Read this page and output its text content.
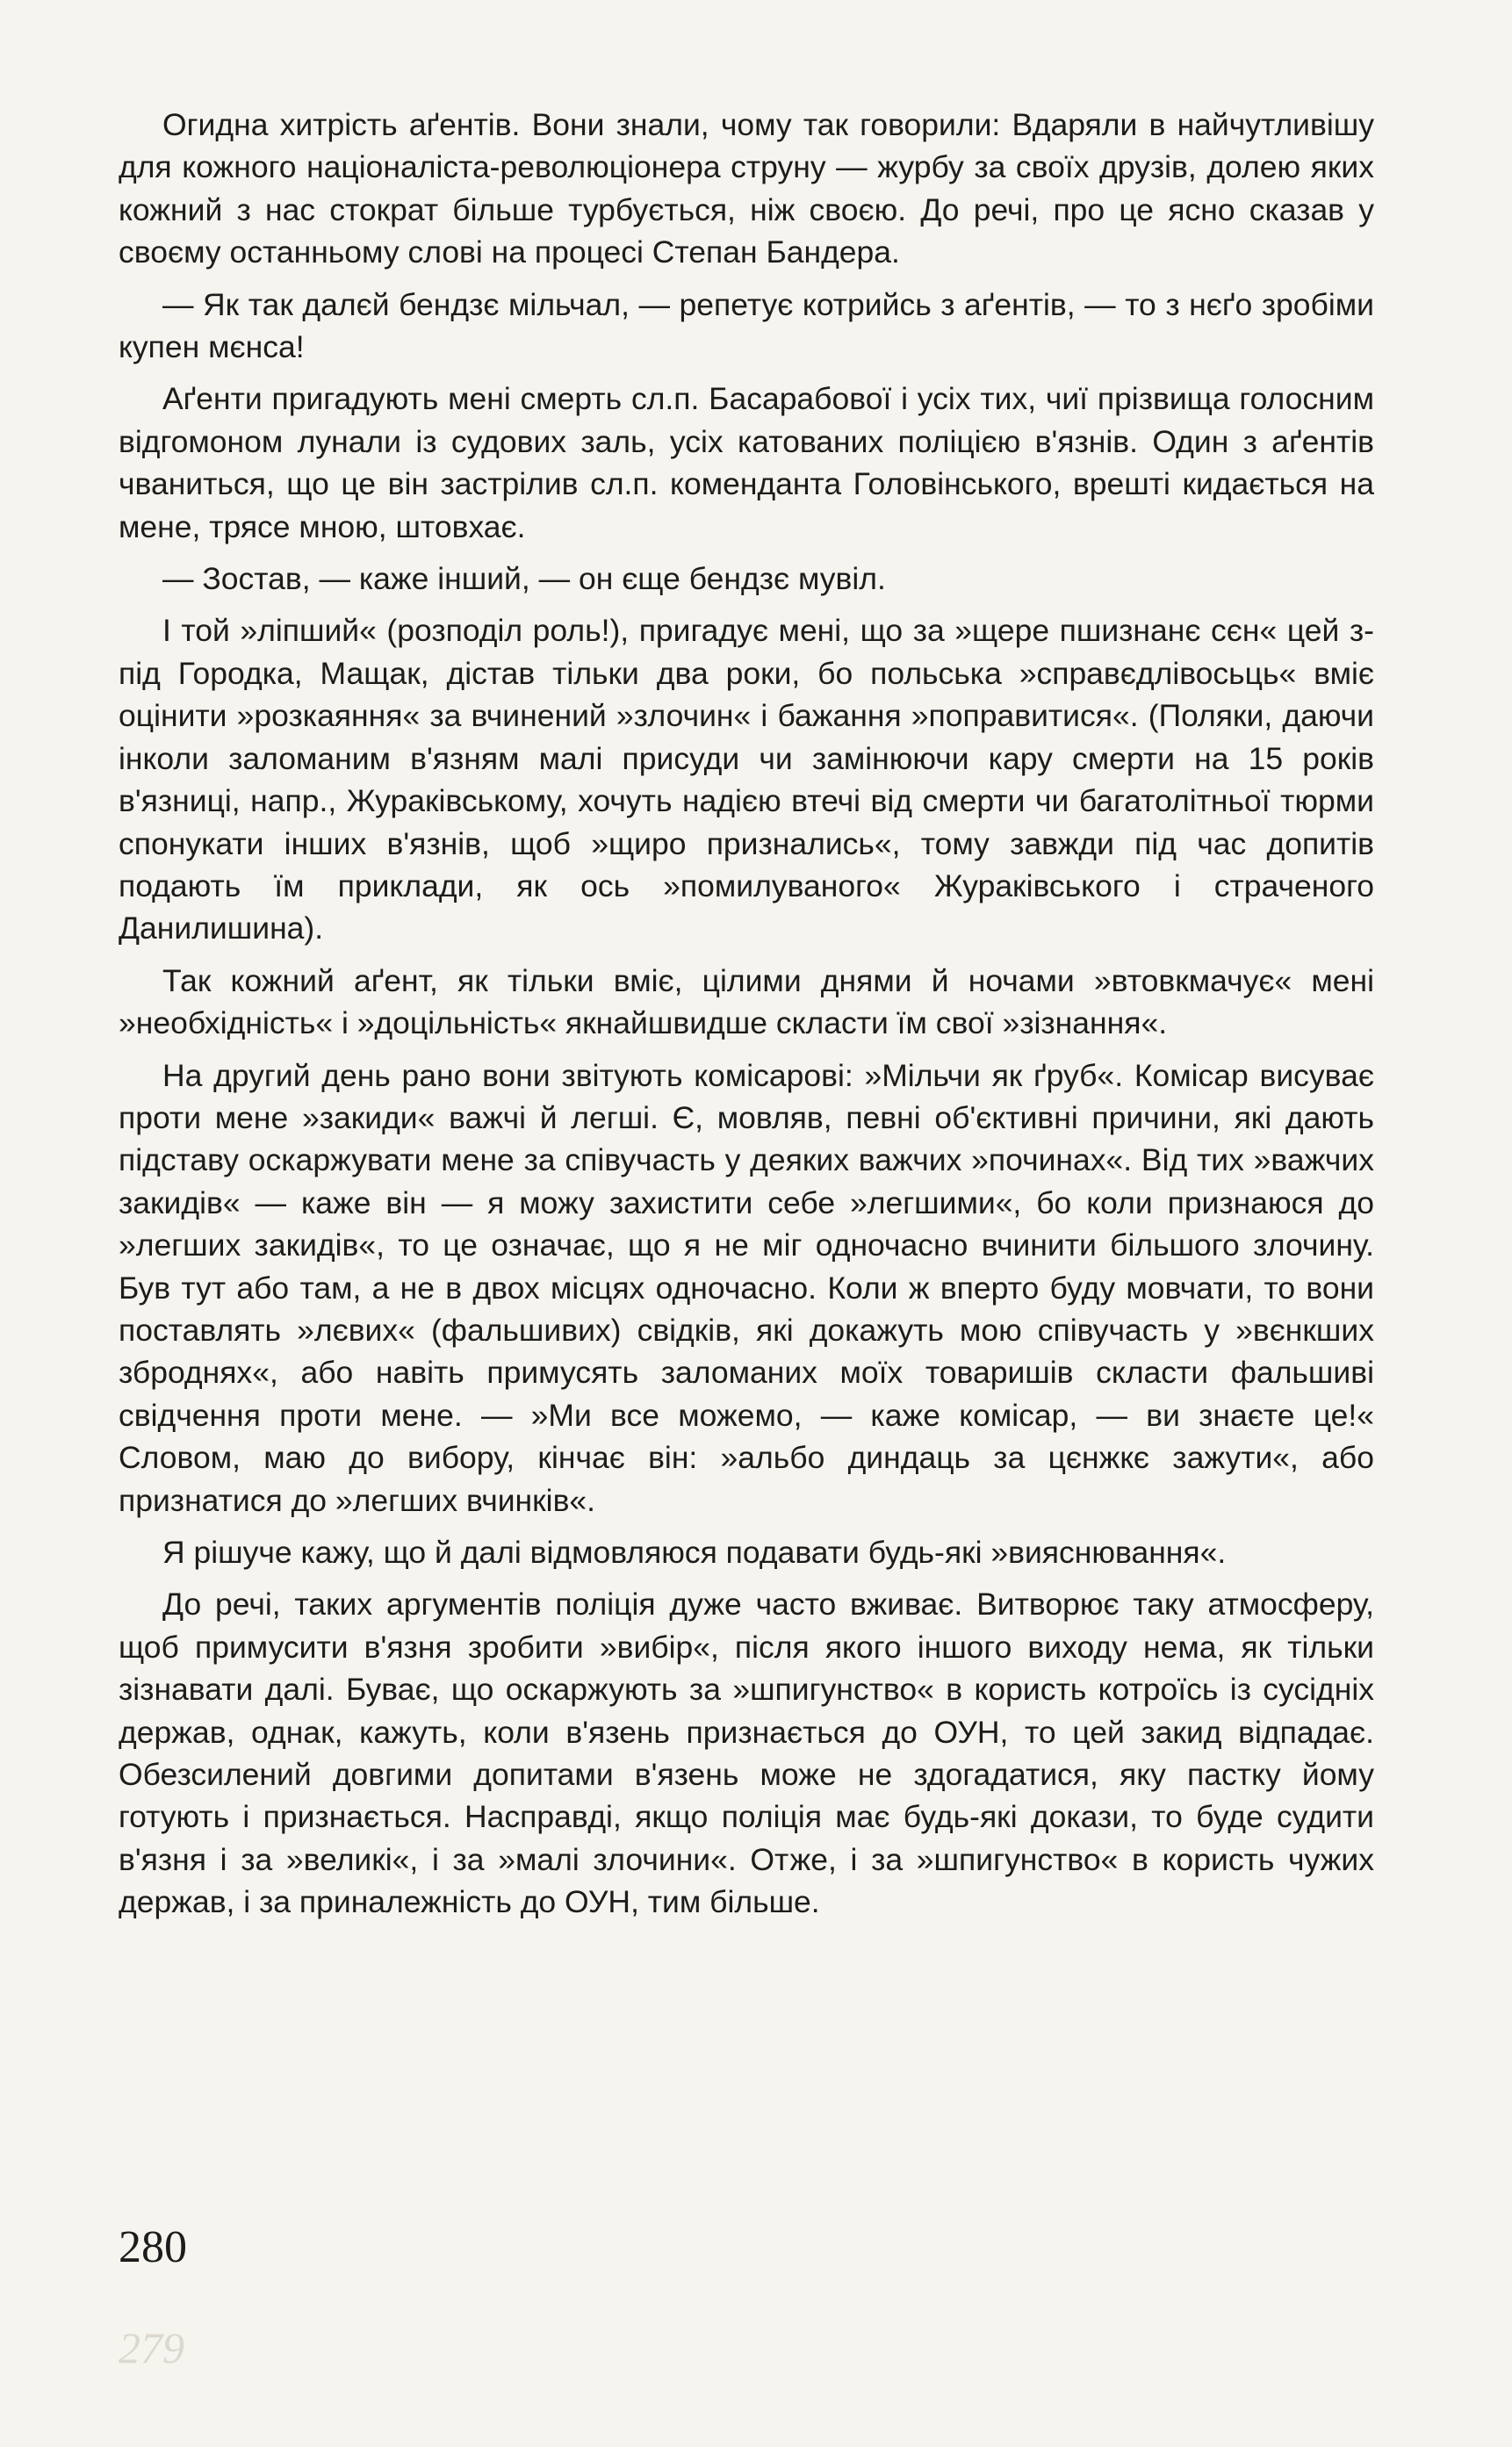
Огидна хитрість аґентів. Вони знали, чому так говорили: Вдаряли в найчутливішу для кожного націоналіста-революціонера струну — журбу за своїх друзів, долею яких кожний з нас стократ більше турбується, ніж своєю. До речі, про це ясно сказав у своєму останньому слові на процесі Степан Бандера.

— Як так далєй бендзє мільчал, — репетує котрийсь з аґентів, — то з нєґо зробіми купен мєнса!

Аґенти пригадують мені смерть сл.п. Басарабової і усіх тих, чиї прізвища голосним відгомоном лунали із судових заль, усіх катованих поліцією в'язнів. Один з аґентів чваниться, що це він застрілив сл.п. коменданта Головінського, врешті кидається на мене, трясе мною, штовхає.

— Зостав, — каже інший, — он єще бендзє мувіл.

І той »ліпший« (розподіл роль!), пригадує мені, що за »щере пшизнанє сєн« цей з-під Городка, Мащак, дістав тільки два роки, бо польська »справєдлівосьць« вміє оцінити »розкаяння« за вчинений »злочин« і бажання »поправитися«. (Поляки, даючи інколи заломаним в'язням малі присуди чи замінюючи кару смерти на 15 років в'язниці, напр., Жураківському, хочуть надією втечі від смерти чи багатолітньої тюрми спонукати інших в'язнів, щоб »щиро признались«, тому завжди під час допитів подають їм приклади, як ось »помилуваного« Жураківського і страченого Данилишина).

Так кожний аґент, як тільки вміє, цілими днями й ночами »втовкмачує« мені »необхідність« і »доцільність« якнайшвидше скласти їм свої »зізнання«.

На другий день рано вони звітують комісарові: »Мільчи як ґруб«. Комісар висуває проти мене »закиди« важчі й легші. Є, мовляв, певні об'єктивні причини, які дають підставу оскаржувати мене за співучасть у деяких важчих »починах«. Від тих »важчих закидів« — каже він — я можу захистити себе »легшими«, бо коли признаюся до »легших закидів«, то це означає, що я не міг одночасно вчинити більшого злочину. Був тут або там, а не в двох місцях одночасно. Коли ж вперто буду мовчати, то вони поставлять »лєвих« (фальшивих) свідків, які докажуть мою співучасть у »вєнкших зброднях«, або навіть примусять заломаних моїх товаришів скласти фальшиві свідчення проти мене. — »Ми все можемо, — каже комісар, — ви знаєте це!« Словом, маю до вибору, кінчає він: »альбо диндаць за цєнжкє зажути«, або признатися до »легших вчинків«.

Я рішуче кажу, що й далі відмовляюся подавати будь-які »вияснювання«.

До речі, таких аргументів поліція дуже часто вживає. Витворює таку атмосферу, щоб примусити в'язня зробити »вибір«, після якого іншого виходу нема, як тільки зізнавати далі. Буває, що оскаржують за »шпигунство« в користь котроїсь із сусідніх держав, однак, кажуть, коли в'язень признається до ОУН, то цей закид відпадає. Обезсилений довгими допитами в'язень може не здогадатися, яку пастку йому готують і признається. Насправді, якщо поліція має будь-які докази, то буде судити в'язня і за »великі«, і за »малі злочини«. Отже, і за »шпигунство« в користь чужих держав, і за приналежність до ОУН, тим більше.

280
279
